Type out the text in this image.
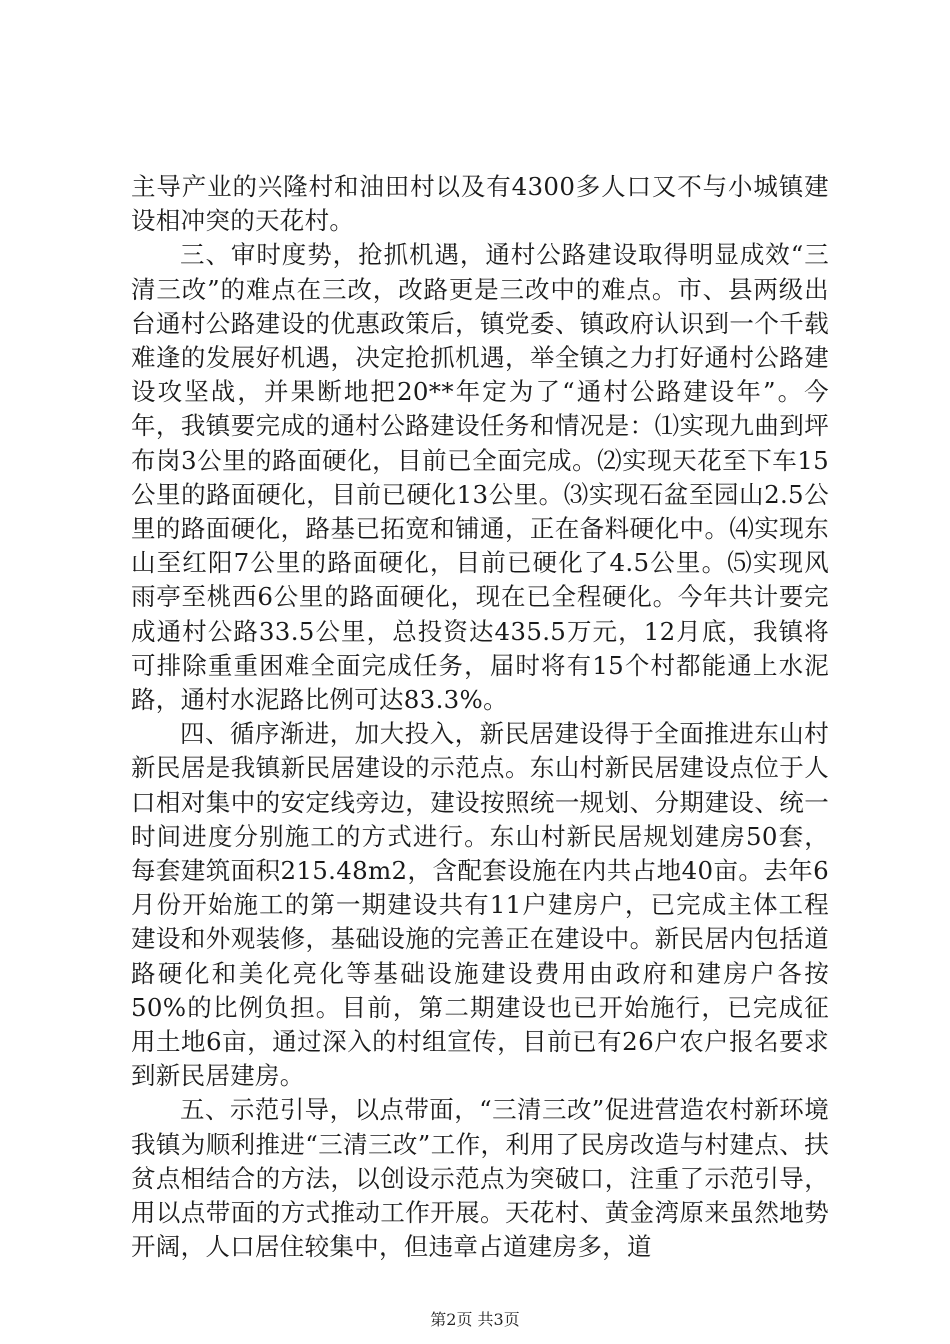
主导产业的兴隆村和油田村以及有4300多人口又不与小城镇建设相冲突的天花村。

三、审时度势，抢抓机遇，通村公路建设取得明显成效“三清三改”的难点在三改，改路更是三改中的难点。市、县两级出台通村公路建设的优惠政策后，镇党委、镇政府认识到一个千载难逢的发展好机遇，决定抢抓机遇，举全镇之力打好通村公路建设攻坚战，并果断地把20**年定为了“通村公路建设年”。今年，我镇要完成的通村公路建设任务和情况是：⑴实现九曲到坪布岗3公里的路面硬化，目前已全面完成。⑵实现天花至下车15公里的路面硬化，目前已硬化13公里。⑶实现石盆至园山2.5公里的路面硬化，路基已拓宽和铺通，正在备料硬化中。⑷实现东山至红阳7公里的路面硬化，目前已硬化了4.5公里。⑸实现风雨亭至桃西6公里的路面硬化，现在已全程硬化。今年共计要完成通村公路33.5公里，总投资达435.5万元，12月底，我镇将可排除重重困难全面完成任务，届时将有15个村都能通上水泥路，通村水泥路比例可达83.3%。

四、循序渐进，加大投入，新民居建设得于全面推进东山村新民居是我镇新民居建设的示范点。东山村新民居建设点位于人口相对集中的安定线旁边，建设按照统一规划、分期建设、统一时间进度分别施工的方式进行。东山村新民居规划建房50套，每套建筑面积215.48m2，含配套设施在内共占地40亩。去年6月份开始施工的第一期建设共有11户建房户，已完成主体工程建设和外观装修，基础设施的完善正在建设中。新民居内包括道路硬化和美化亮化等基础设施建设费用由政府和建房户各按50%的比例负担。目前，第二期建设也已开始施行，已完成征用土地6亩，通过深入的村组宣传，目前已有26户农户报名要求到新民居建房。

五、示范引导，以点带面，“三清三改”促进营造农村新环境我镇为顺利推进“三清三改”工作，利用了民房改造与村建点、扶贫点相结合的方法，以创设示范点为突破口，注重了示范引导，用以点带面的方式推动工作开展。天花村、黄金湾原来虽然地势开阔，人口居住较集中，但违章占道建房多，道

第2页 共3页
